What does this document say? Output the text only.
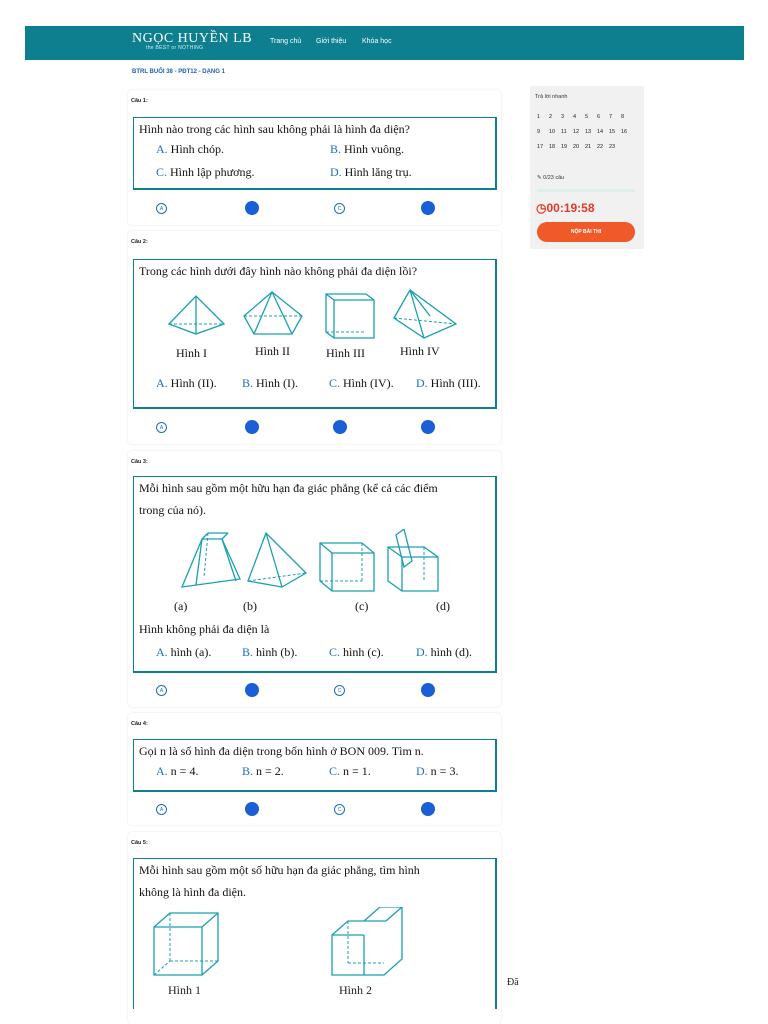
NGỌC HUYỀN LB
the BEST or NOTHING
Trang chủ Giới thiệu Khóa học
BTRL BUỔI 38 - PĐT12 - DẠNG 1
Câu 1:
Hình nào trong các hình sau không phải là hình đa diện?
A. Hình chóp.	B. Hình vuông.
C. Hình lập phương.	D. Hình lăng trụ.
A	C
Câu 2:
Trong các hình dưới đây hình nào không phải đa diện lồi?
Hình I	Hình II	Hình III	Hình IV
A. Hình (II). B. Hình (I).	C. Hình (IV). D. Hình (III).
A
Câu 3:
Mỗi hình sau gồm một hữu hạn đa giác phẳng (kể cả các điểm
trong của nó).
(a)	(b)	(c)	(d)
Hình không phải đa diện là
A. hình (a).	B. hình (b).	C. hình (c).	D. hình (d).
A	C
Câu 4:
Gọi n là số hình đa diện trong bốn hình ở BON 009. Tìm n.
A. n = 4.	B. n = 2.	C. n = 1.	D. n = 3.
A	C
Câu 5:
Mỗi hình sau gồm một số hữu hạn đa giác phẳng, tìm hình
không là hình đa diện.
Hình 1	Hình 2
Trả lời nhanh
1 2 3 4 5 6 7 8
9 10 11 12 13 14 15 16
17 18 19 20 21 22 23
✎ 0/23 câu
◷00:19:58
NỘP BÀI THI
Đã
